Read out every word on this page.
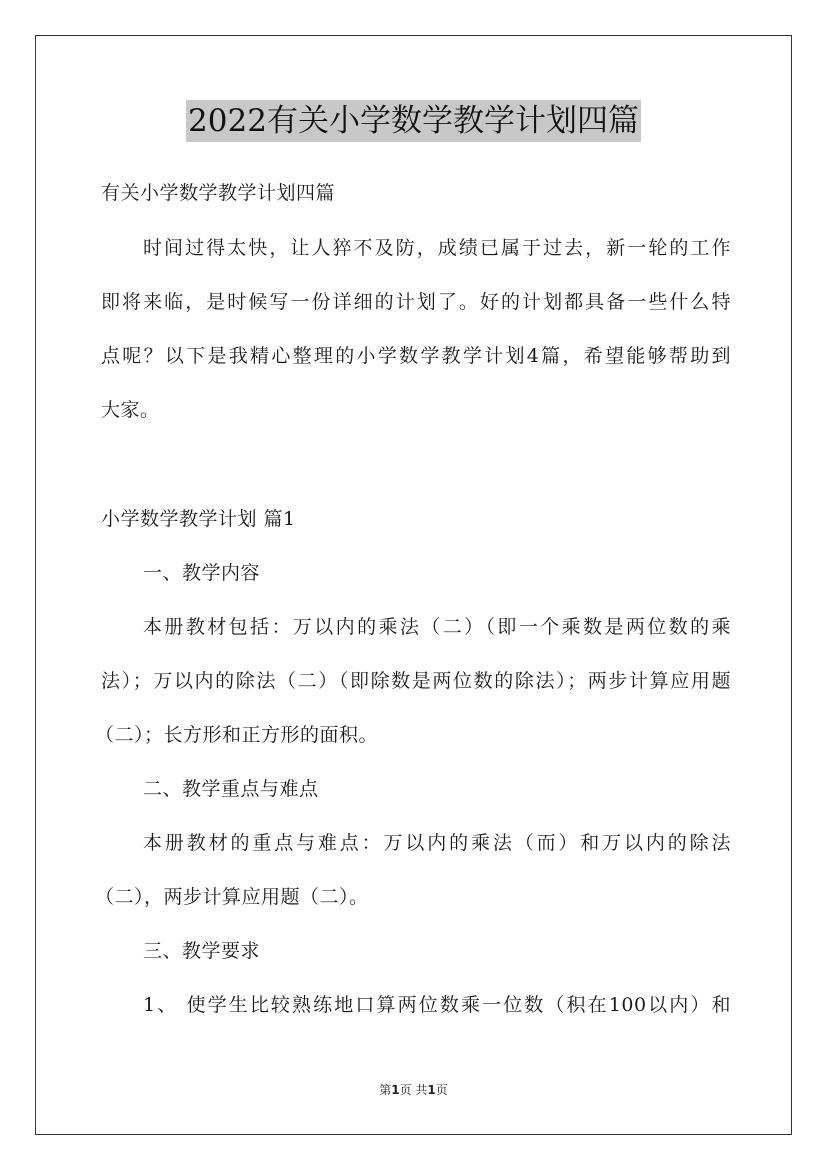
2022有关小学数学教学计划四篇
有关小学数学教学计划四篇
时间过得太快，让人猝不及防，成绩已属于过去，新一轮的工作
即将来临，是时候写一份详细的计划了。好的计划都具备一些什么特
点呢？以下是我精心整理的小学数学教学计划4篇，希望能够帮助到
大家。
小学数学教学计划 篇1
一、教学内容
本册教材包括：万以内的乘法（二）（即一个乘数是两位数的乘
法）；万以内的除法（二）（即除数是两位数的除法）；两步计算应用题
（二）；长方形和正方形的面积。
二、教学重点与难点
本册教材的重点与难点：万以内的乘法（而）和万以内的除法
（二），两步计算应用题（二）。
三、教学要求
1、 使学生比较熟练地口算两位数乘一位数（积在100以内）和
第1页 共1页
